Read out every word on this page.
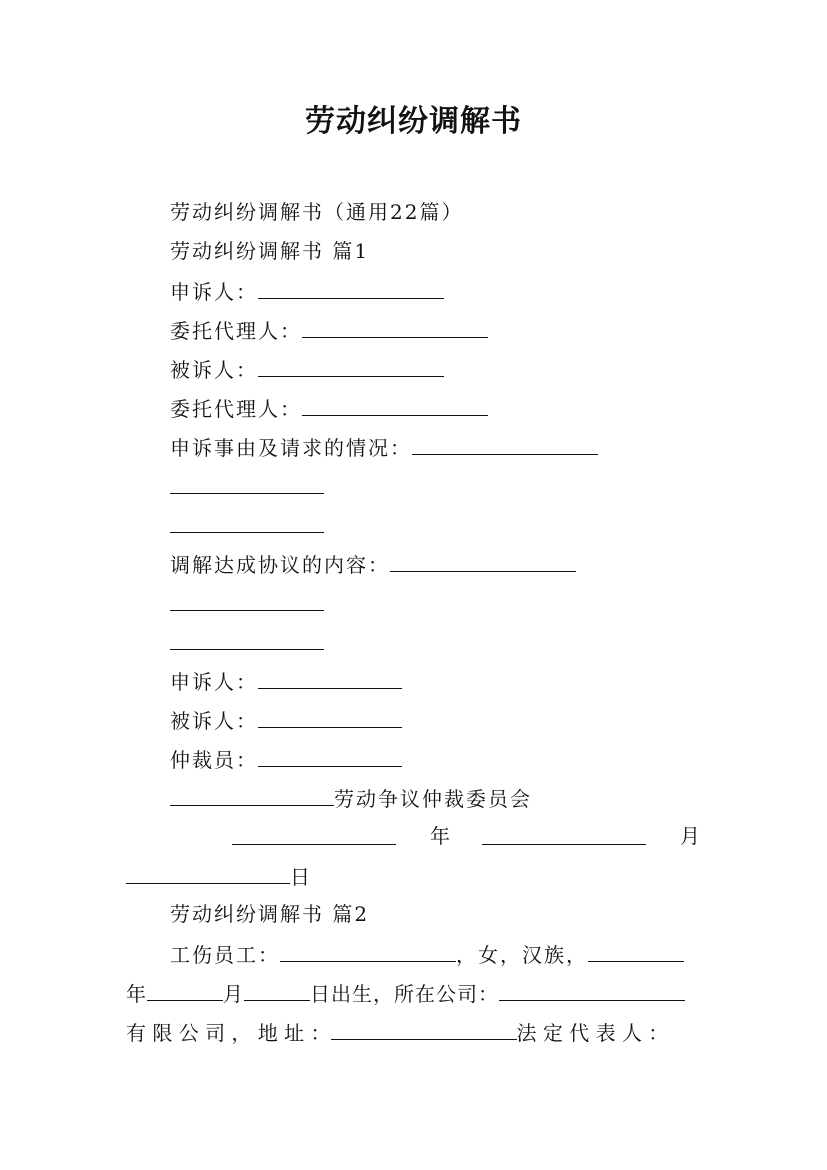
劳动纠纷调解书
劳动纠纷调解书（通用22篇）
劳动纠纷调解书 篇1
申诉人：
委托代理人：
被诉人：
委托代理人：
申诉事由及请求的情况：
调解达成协议的内容：
申诉人：
被诉人：
仲裁员：
劳动争议仲裁委员会
年	月
日
劳动纠纷调解书 篇2
工伤员工：	，女，汉族，
年	月	日出生，所在公司：
有 限 公 司 ， 地 址 ：	法 定 代 表 人 ：
